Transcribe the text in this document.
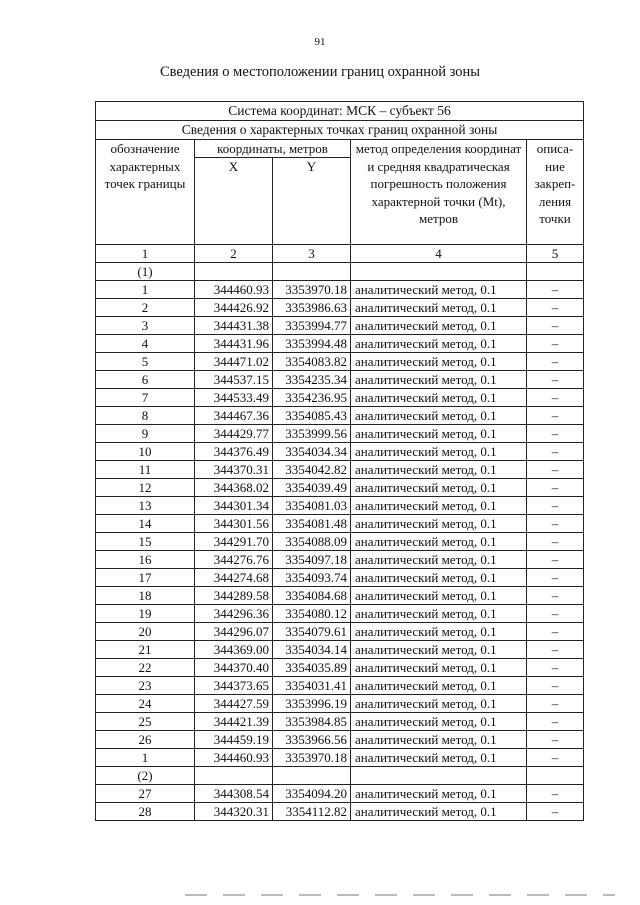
91
Сведения о местоположении границ охранной зоны
Система координат: МСК – субъект 56				
Сведения о характерных точках границ охранной зоны				
обозначение характерных точек границы	координаты, метров		метод определения координат и средняя квадратическая погрешность положения характерной точки (Mt), метров	описа-ние закреп-ления точки
	X	Y		
1	2	3	4	5
(1)				
1	344460.93	3353970.18	аналитический метод, 0.1	–
2	344426.92	3353986.63	аналитический метод, 0.1	–
3	344431.38	3353994.77	аналитический метод, 0.1	–
4	344431.96	3353994.48	аналитический метод, 0.1	–
5	344471.02	3354083.82	аналитический метод, 0.1	–
6	344537.15	3354235.34	аналитический метод, 0.1	–
7	344533.49	3354236.95	аналитический метод, 0.1	–
8	344467.36	3354085.43	аналитический метод, 0.1	–
9	344429.77	3353999.56	аналитический метод, 0.1	–
10	344376.49	3354034.34	аналитический метод, 0.1	–
11	344370.31	3354042.82	аналитический метод, 0.1	–
12	344368.02	3354039.49	аналитический метод, 0.1	–
13	344301.34	3354081.03	аналитический метод, 0.1	–
14	344301.56	3354081.48	аналитический метод, 0.1	–
15	344291.70	3354088.09	аналитический метод, 0.1	–
16	344276.76	3354097.18	аналитический метод, 0.1	–
17	344274.68	3354093.74	аналитический метод, 0.1	–
18	344289.58	3354084.68	аналитический метод, 0.1	–
19	344296.36	3354080.12	аналитический метод, 0.1	–
20	344296.07	3354079.61	аналитический метод, 0.1	–
21	344369.00	3354034.14	аналитический метод, 0.1	–
22	344370.40	3354035.89	аналитический метод, 0.1	–
23	344373.65	3354031.41	аналитический метод, 0.1	–
24	344427.59	3353996.19	аналитический метод, 0.1	–
25	344421.39	3353984.85	аналитический метод, 0.1	–
26	344459.19	3353966.56	аналитический метод, 0.1	–
1	344460.93	3353970.18	аналитический метод, 0.1	–
(2)				
27	344308.54	3354094.20	аналитический метод, 0.1	–
28	344320.31	3354112.82	аналитический метод, 0.1	–
